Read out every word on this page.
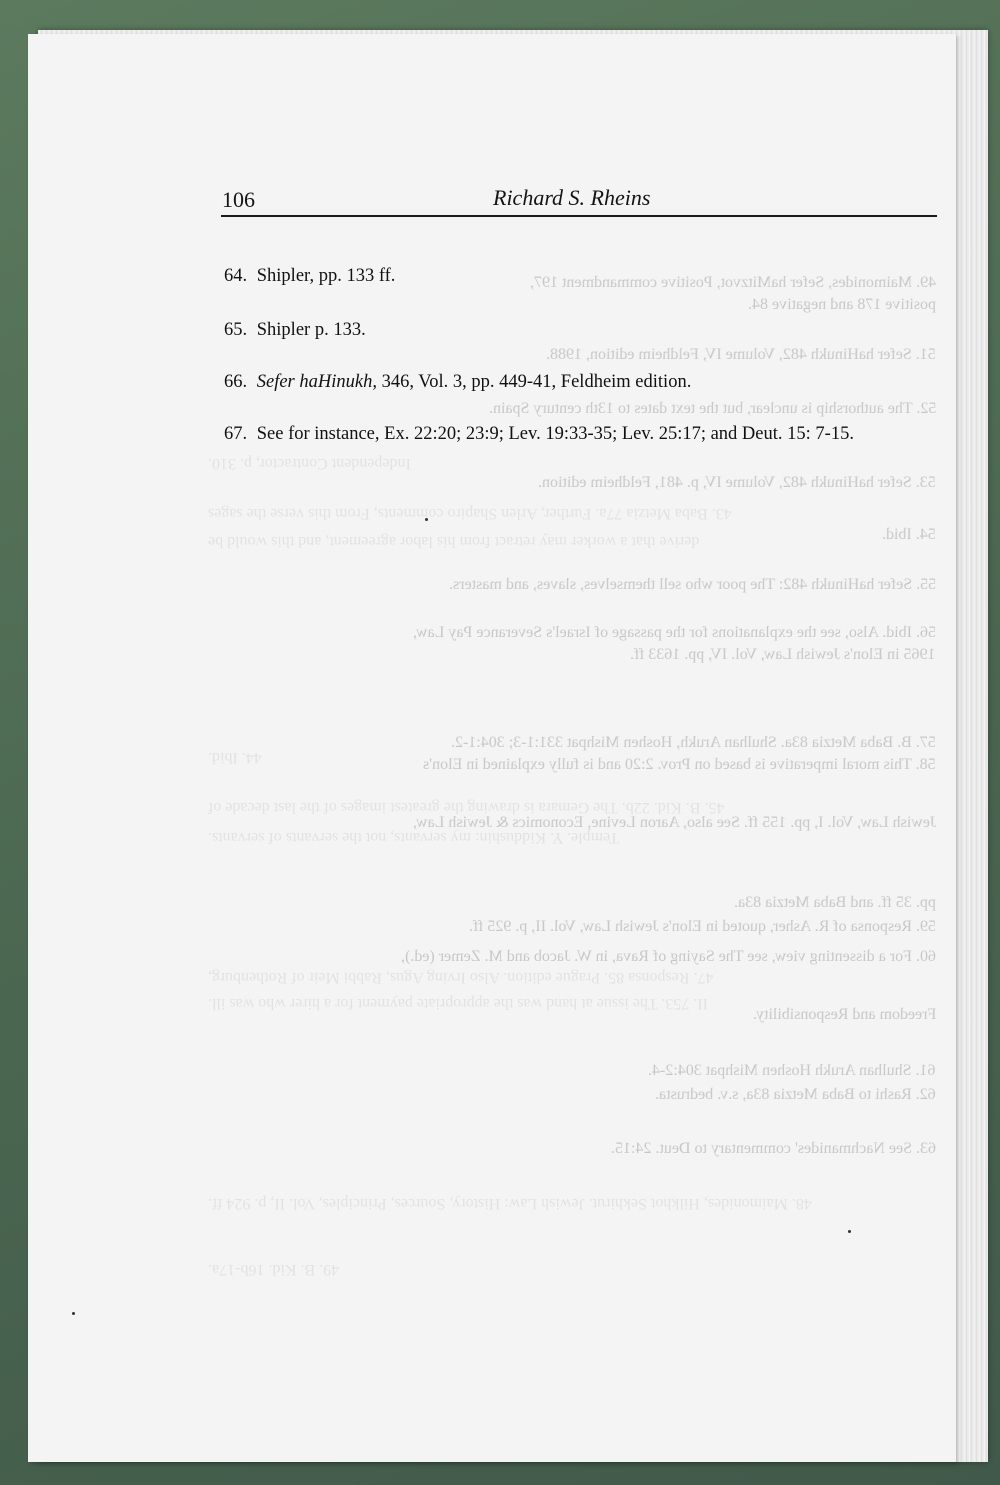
49. Maimonides, Sefer haMitzvot, Positive commandment 197,
positive 178 and negative 84.
51. Sefer haHinukh 482, Volume IV, Feldheim edition, 1988.
52. The authorship is unclear, but the text dates to 13th century Spain.
53. Sefer haHinukh 482, Volume IV, p. 481, Feldheim edition.
54. Ibid.
55. Sefer haHinukh 482: The poor who sell themselves, slaves, and masters.
56. Ibid. Also, see the explanations for the passage of Israel's Severance Pay Law,
1965 in Elon's Jewish Law, Vol. IV, pp. 1633 ff.
57. B. Baba Metzia 83a. Shulhan Arukh, Hoshen Mishpat 331:1-3; 304:1-2.
58. This moral imperative is based on Prov. 2:20 and is fully explained in Elon's
Jewish Law, Vol. I, pp. 155 ff. See also, Aaron Levine, Economics & Jewish Law,
pp. 35 ff. and Baba Metzia 83a.
59. Responsa of R. Asher, quoted in Elon's Jewish Law, Vol. II, p. 925 ff.
60. For a dissenting view, see The Saying of Rava, in W. Jacob and M. Zemer (ed.),
Freedom and Responsibility.
61. Shulhan Arukh Hoshen Mishpat 304:2-4.
62. Rashi to Baba Metzia 83a, s.v. bedrusta.
63. See Nachmanides' commentary to Deut. 24:15.
Independent Contractor, p. 310.
43. Baba Metzia 77a. Further, Arlen Shapiro comments, From this verse the sages
derive that a worker may retract from his labor agreement, and this would be
44. Ibid.
45. B. Kid. 22b. The Gemara is drawing the greatest images of the last decade of
Temple. Y. Kiddushin: my servants, not the servants of servants.
47. Responsa 85. Prague edition. Also Irving Agus, Rabbi Meir of Rothenburg,
II. 753. The issue at hand was the appropriate payment for a hirer who was ill.
48. Maimonides, Hilkhot Sekhirut. Jewish Law: History, Sources, Principles, Vol. II, p. 924 ff.
49. B. Kid. 16b-17a.
106	Richard S. Rheins
64. Shipler, pp. 133 ff.
65. Shipler p. 133.
66. Sefer haHinukh, 346, Vol. 3, pp. 449-41, Feldheim edition.
67. See for instance, Ex. 22:20; 23:9; Lev. 19:33-35; Lev. 25:17; and Deut. 15: 7-15.
